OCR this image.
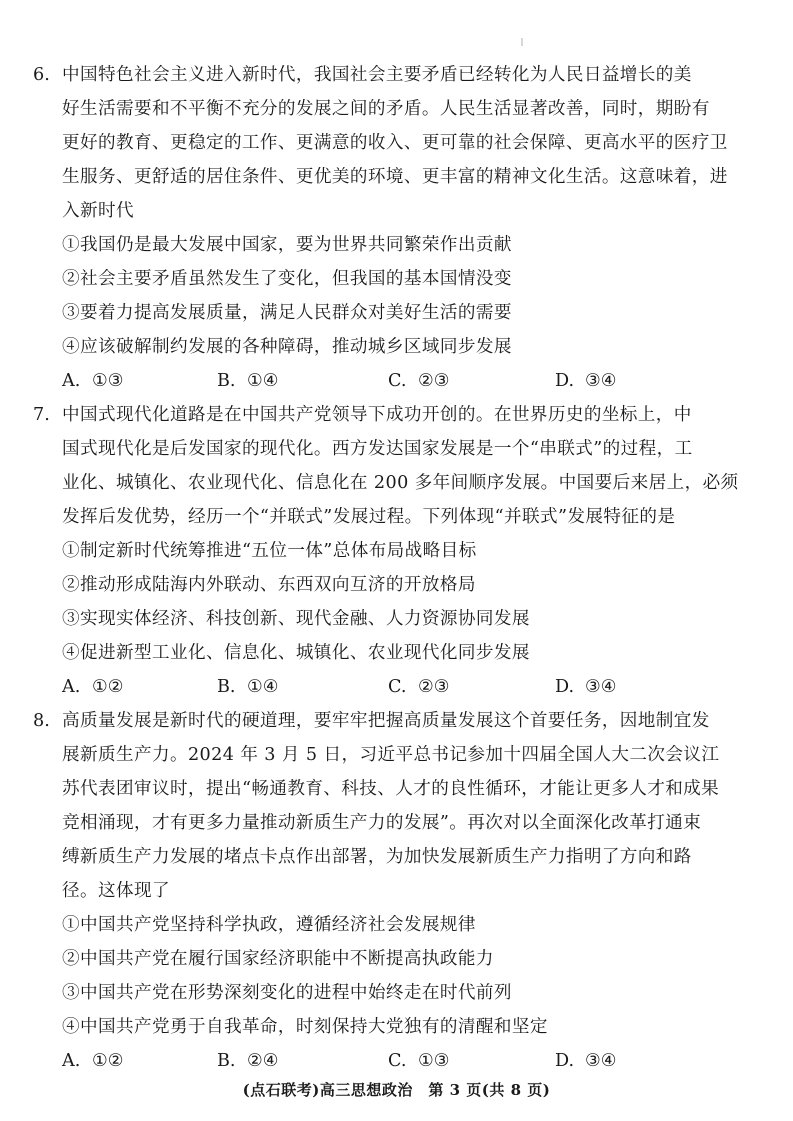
6. 中国特色社会主义进入新时代，我国社会主要矛盾已经转化为人民日益增长的美
好生活需要和不平衡不充分的发展之间的矛盾。人民生活显著改善，同时，期盼有
更好的教育、更稳定的工作、更满意的收入、更可靠的社会保障、更高水平的医疗卫
生服务、更舒适的居住条件、更优美的环境、更丰富的精神文化生活。这意味着，进
入新时代
①我国仍是最大发展中国家，要为世界共同繁荣作出贡献
②社会主要矛盾虽然发生了变化，但我国的基本国情没变
③要着力提高发展质量，满足人民群众对美好生活的需要
④应该破解制约发展的各种障碍，推动城乡区域同步发展
A. ①③	B. ①④	C. ②③	D. ③④
7. 中国式现代化道路是在中国共产党领导下成功开创的。在世界历史的坐标上，中
国式现代化是后发国家的现代化。西方发达国家发展是一个“串联式”的过程，工
业化、城镇化、农业现代化、信息化在 200 多年间顺序发展。中国要后来居上，必须
发挥后发优势，经历一个“并联式”发展过程。下列体现“并联式”发展特征的是
①制定新时代统筹推进“五位一体”总体布局战略目标
②推动形成陆海内外联动、东西双向互济的开放格局
③实现实体经济、科技创新、现代金融、人力资源协同发展
④促进新型工业化、信息化、城镇化、农业现代化同步发展
A. ①②	B. ①④	C. ②③	D. ③④
8. 高质量发展是新时代的硬道理，要牢牢把握高质量发展这个首要任务，因地制宜发
展新质生产力。2024 年 3 月 5 日，习近平总书记参加十四届全国人大二次会议江
苏代表团审议时，提出“畅通教育、科技、人才的良性循环，才能让更多人才和成果
竞相涌现，才有更多力量推动新质生产力的发展”。再次对以全面深化改革打通束
缚新质生产力发展的堵点卡点作出部署，为加快发展新质生产力指明了方向和路
径。这体现了
①中国共产党坚持科学执政，遵循经济社会发展规律
②中国共产党在履行国家经济职能中不断提高执政能力
③中国共产党在形势深刻变化的进程中始终走在时代前列
④中国共产党勇于自我革命，时刻保持大党独有的清醒和坚定
A. ①②	B. ②④	C. ①③	D. ③④
(点石联考)高三思想政治　第 3 页(共 8 页)
